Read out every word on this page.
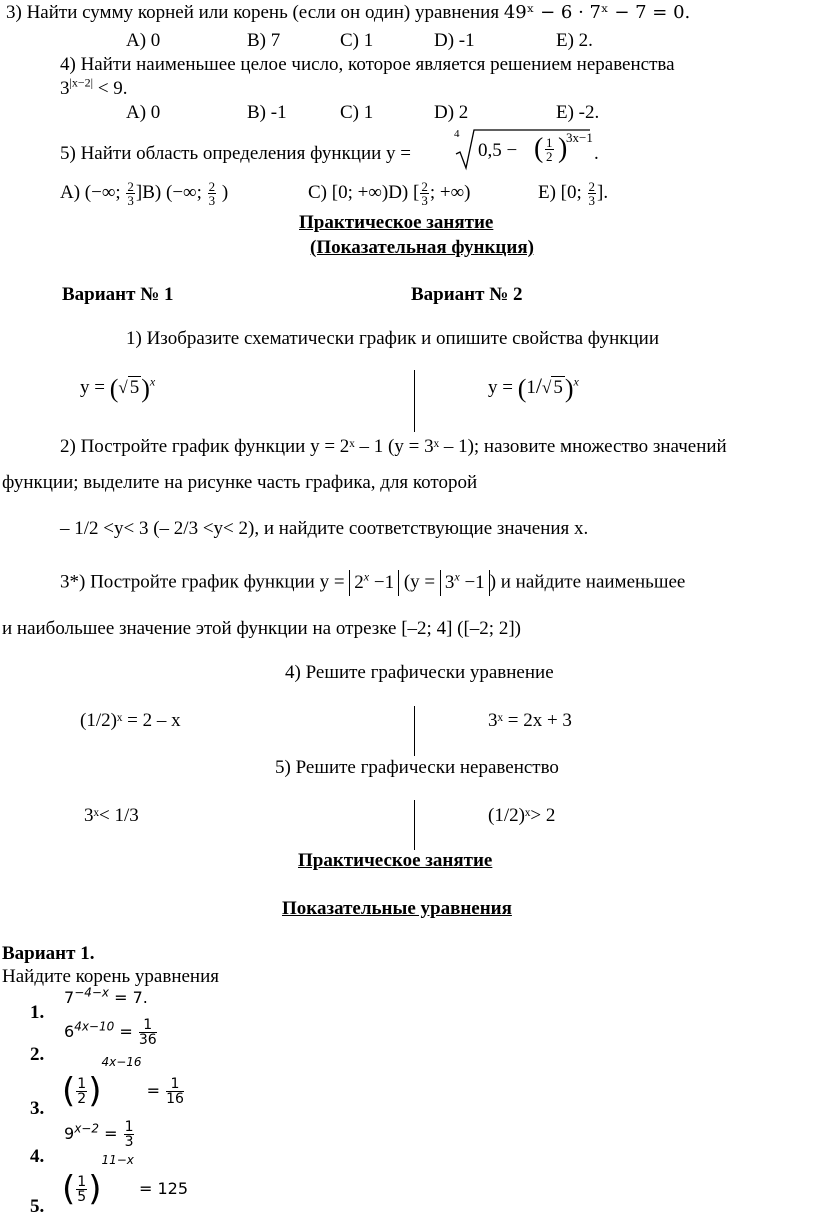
3) Найти сумму корней или корень (если он один) уравнения 49ˣ − 6 · 7ˣ − 7 = 0.
A) 0	B) 7	C) 1	D) -1	E) 2.
4) Найти наименьшее целое число, которое является решением неравенства
$3^{|x-2|} < 9$.
A) 0	B) -1	C) 1	D) 2	E) -2.
5) Найти область определения функции y =
4
0,5 − ( $\frac{1}{2}$ )
3x−1
.
A) (−∞; $\frac{2}{3} ]B$) (−∞; $\frac{2}{3}$ )	C) [0; +∞)D) [ $\frac{2}{3}$ ; +∞)	E) [0; $\frac{2}{3}$ ].
Практическое занятие
(Показательная функция)
Вариант № 1	Вариант № 2
1) Изобразите схематически график и опишите свойства функции
y = (√ 5)$^x$	y = (1/√ 5)$^x$
2) Постройте график функции y = 2ˣ – 1 (y = 3ˣ – 1); назовите множество значений
функции; выделите на рисунке часть графика, для которой
– 1/2 <y< 3 (– 2/3 <y< 2), и найдите соответствующие значения x.
3*) Постройте график функции $y = 2^x -1$ ($y = 3^x -1$ ) и найдите наименьшее
и наибольшее значение этой функции на отрезке [–2; 4] ([–2; 2])
4) Решите графически уравнение
(1/2)ˣ = 2 – x	3ˣ = 2x + 3
5) Решите графически неравенство
3ˣ< 1/3	(1/2)ˣ> 2
Практическое занятие
Показательные уравнения
Вариант 1.
Найдите корень уравнения
$7^{-4-x} = 7$.
1.
$6^{4x-10} = \frac{1}{36}$
2.
( $\frac{1}{2} )^{4x-16} = \frac{1}{16}$
3.
$9^{x-2} = \frac{1}{3}$
4.
( $\frac{1}{5} )^{11-x} = 125$
5.
